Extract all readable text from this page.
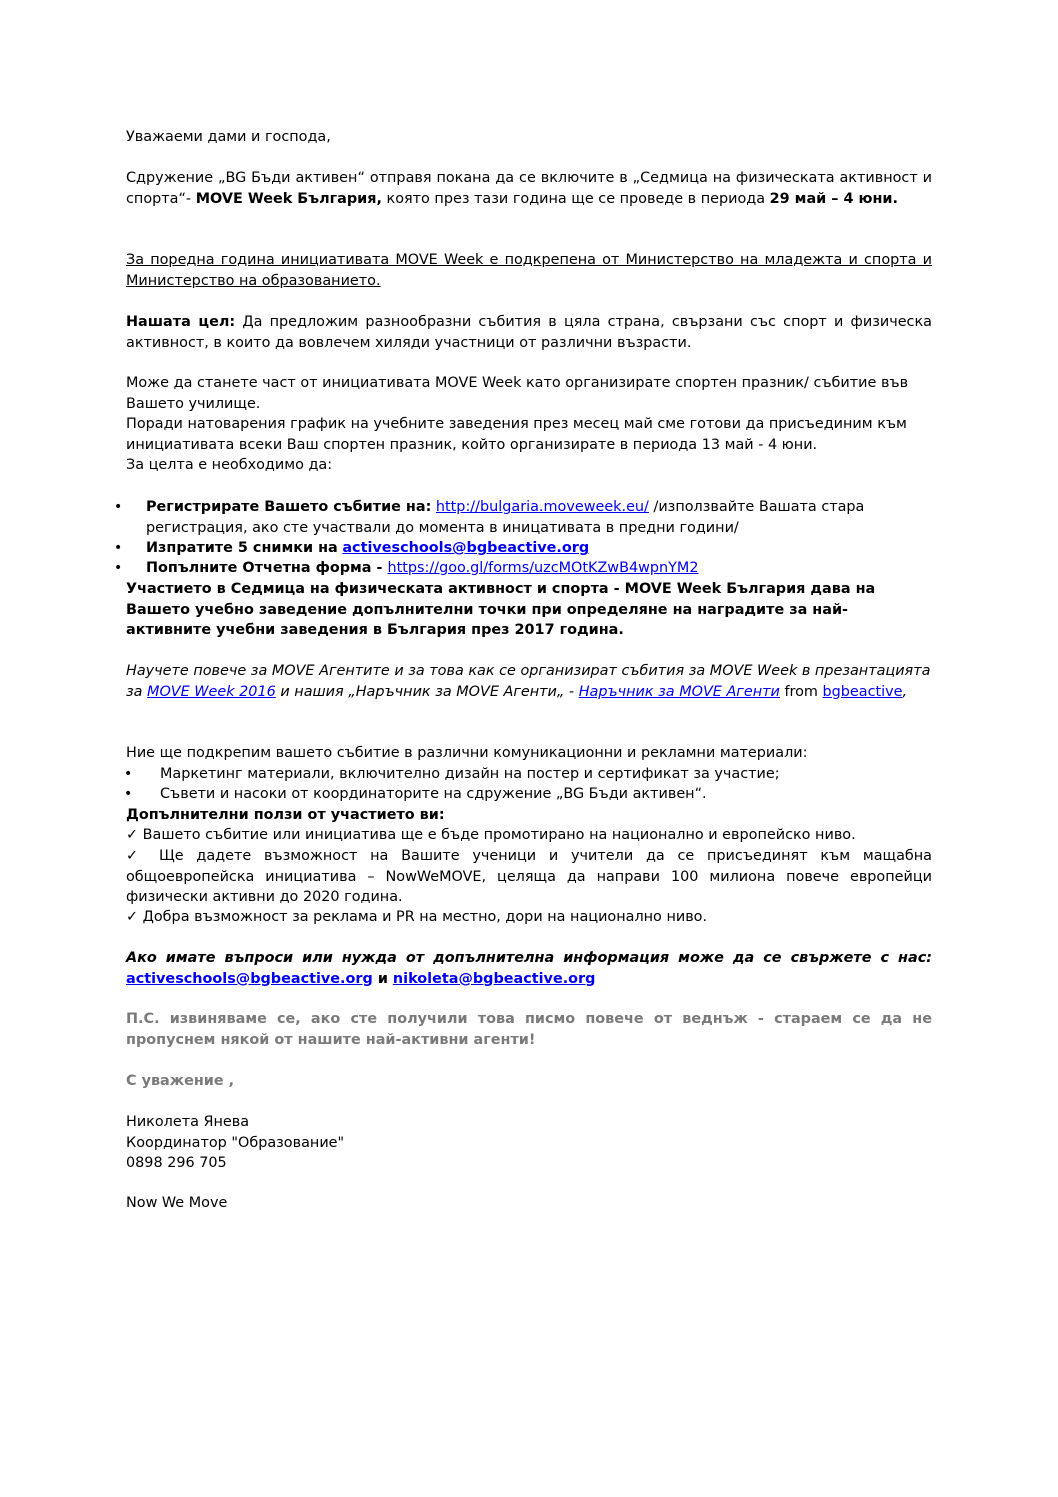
Уважаеми дами и господа,

Сдружение „BG Бъди активен“ отправя покана да се включите в „Седмица на физическата активност и спорта“- MOVE Week България, която през тази година ще се проведе в периода 29 май – 4 юни.

За поредна година инициативата MOVE Week е подкрепена от Министерство на младежта и спорта и Министерство на образованието.

Нашата цел: Да предложим разнообразни събития в цяла страна, свързани със спорт и физическа активност, в които да вовлечем хиляди участници от различни възрасти.

Може да станете част от инициативата MOVE Week като организирате спортен празник/ събитие във Вашето училище.
Поради натоварения график на учебните заведения през месец май сме готови да присъединим към инициативата всеки Ваш спортен празник, който организирате в периода 13 май - 4 юни.
За целта е необходимо да:
• Регистрирате Вашето събитие на: http://bulgaria.moveweek.eu/ /използвайте Вашата стара регистрация, ако сте участвали до момента в иницативата в предни години/

• Изпратите 5 снимки на activeschools@bgbeactive.org

• Попълните Отчетна форма - https://goo.gl/forms/uzcMOtKZwB4wpnYM2

Участието в Седмица на физическата активност и спорта - MOVE Week България дава на Вашето учебно заведение допълнителни точки при определяне на наградите за най-активните учебни заведения в България през 2017 година.

Научете повече за MOVE Агентите и за това как се организират събития за MOVE Week в презантацията за MOVE Week 2016 и нашия „Наръчник за MOVE Агенти„ - Наръчник за MOVE Агенти from bgbeactive,

Ние ще подкрепим вашето събитие в различни комуникационни и рекламни материали:

• Маркетинг материали, включително дизайн на постер и сертификат за участие;

• Съвети и насоки от координаторите на сдружение „BG Бъди активен“.

Допълнителни ползи от участието ви:

✓ Вашето събитие или инициатива ще е бъде промотирано на национално и европейско ниво.

✓ Ще дадете възможност на Вашите ученици и учители да се присъединят към мащабна общоевропейска инициатива – NowWeMOVE, целяща да направи 100 милиона повече европейци физически активни до 2020 година.

✓ Добра възможност за реклама и PR на местно, дори на национално ниво.

Ако имате въпроси или нужда от допълнителна информация може да се свържете с нас: activeschools@bgbeactive.org и nikoleta@bgbeactive.org

П.С. извиняваме се, ако сте получили това писмо повече от веднъж - стараем се да не пропуснем някой от нашите най-активни агенти!

С уважение ,

Николета Янева
Координатор "Образование"
0898 296 705

Now We Move
